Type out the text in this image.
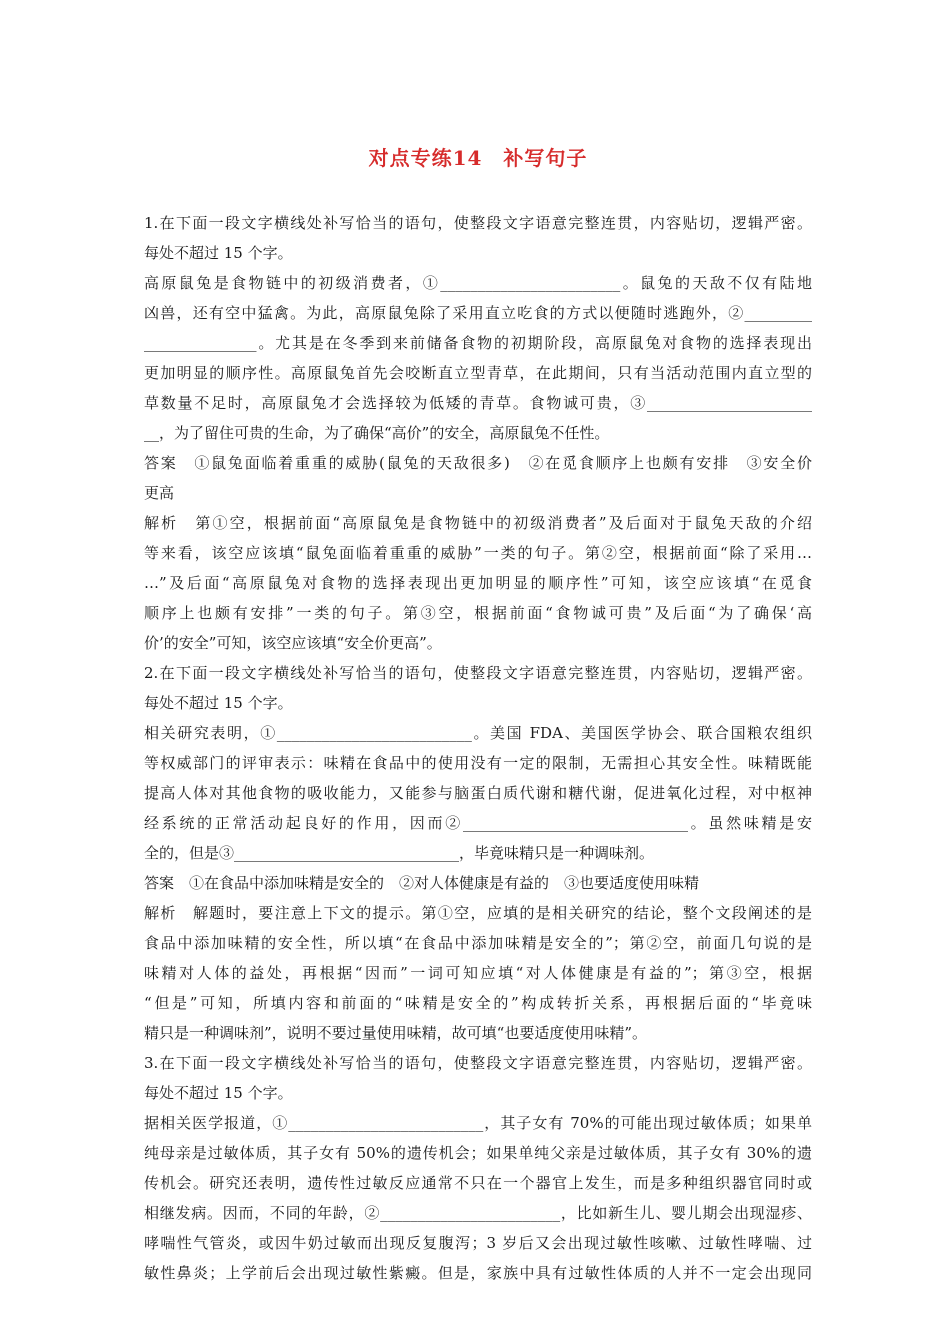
对点专练14　补写句子
1.在下面一段文字横线处补写恰当的语句，使整段文字语意完整连贯，内容贴切，逻辑严密。
每处不超过 15 个字。
高原鼠兔是食物链中的初级消费者，①________________________。鼠兔的天敌不仅有陆地
凶兽，还有空中猛禽。为此，高原鼠兔除了采用直立吃食的方式以便随时逃跑外，②_________
_______________。尤其是在冬季到来前储备食物的初期阶段，高原鼠兔对食物的选择表现出
更加明显的顺序性。高原鼠兔首先会咬断直立型青草，在此期间，只有当活动范围内直立型的
草数量不足时，高原鼠兔才会选择较为低矮的青草。食物诚可贵，③______________________
__，为了留住可贵的生命，为了确保“高价”的安全，高原鼠兔不任性。
答案　①鼠兔面临着重重的威胁(鼠兔的天敌很多)　②在觅食顺序上也颇有安排　③安全价
更高
解析　第①空，根据前面“高原鼠兔是食物链中的初级消费者”及后面对于鼠兔天敌的介绍
等来看，该空应该填“鼠兔面临着重重的威胁”一类的句子。第②空，根据前面“除了采用…
…”及后面“高原鼠兔对食物的选择表现出更加明显的顺序性”可知，该空应该填“在觅食
顺序上也颇有安排”一类的句子。第③空，根据前面“食物诚可贵”及后面“为了确保‘高
价’的安全”可知，该空应该填“安全价更高”。
2.在下面一段文字横线处补写恰当的语句，使整段文字语意完整连贯，内容贴切，逻辑严密。
每处不超过 15 个字。
相关研究表明，①__________________________。美国 FDA、美国医学协会、联合国粮农组织
等权威部门的评审表示：味精在食品中的使用没有一定的限制，无需担心其安全性。味精既能
提高人体对其他食物的吸收能力，又能参与脑蛋白质代谢和糖代谢，促进氧化过程，对中枢神
经系统的正常活动起良好的作用，因而②______________________________。虽然味精是安
全的，但是③______________________________，毕竟味精只是一种调味剂。
答案　①在食品中添加味精是安全的　②对人体健康是有益的　③也要适度使用味精
解析　解题时，要注意上下文的提示。第①空，应填的是相关研究的结论，整个文段阐述的是
食品中添加味精的安全性，所以填“在食品中添加味精是安全的”；第②空，前面几句说的是
味精对人体的益处，再根据“因而”一词可知应填“对人体健康是有益的”；第③空，根据
“但是”可知，所填内容和前面的“味精是安全的”构成转折关系，再根据后面的“毕竟味
精只是一种调味剂”，说明不要过量使用味精，故可填“也要适度使用味精”。
3.在下面一段文字横线处补写恰当的语句，使整段文字语意完整连贯，内容贴切，逻辑严密。
每处不超过 15 个字。
据相关医学报道，①__________________________，其子女有 70%的可能出现过敏体质；如果单
纯母亲是过敏体质，其子女有 50%的遗传机会；如果单纯父亲是过敏体质，其子女有 30%的遗
传机会。研究还表明，遗传性过敏反应通常不只在一个器官上发生，而是多种组织器官同时或
相继发病。因而，不同的年龄，②________________________，比如新生儿、婴儿期会出现湿疹、
哮喘性气管炎，或因牛奶过敏而出现反复腹泻；3 岁后又会出现过敏性咳嗽、过敏性哮喘、过
敏性鼻炎；上学前后会出现过敏性紫癜。但是，家族中具有过敏性体质的人并不一定会出现同
